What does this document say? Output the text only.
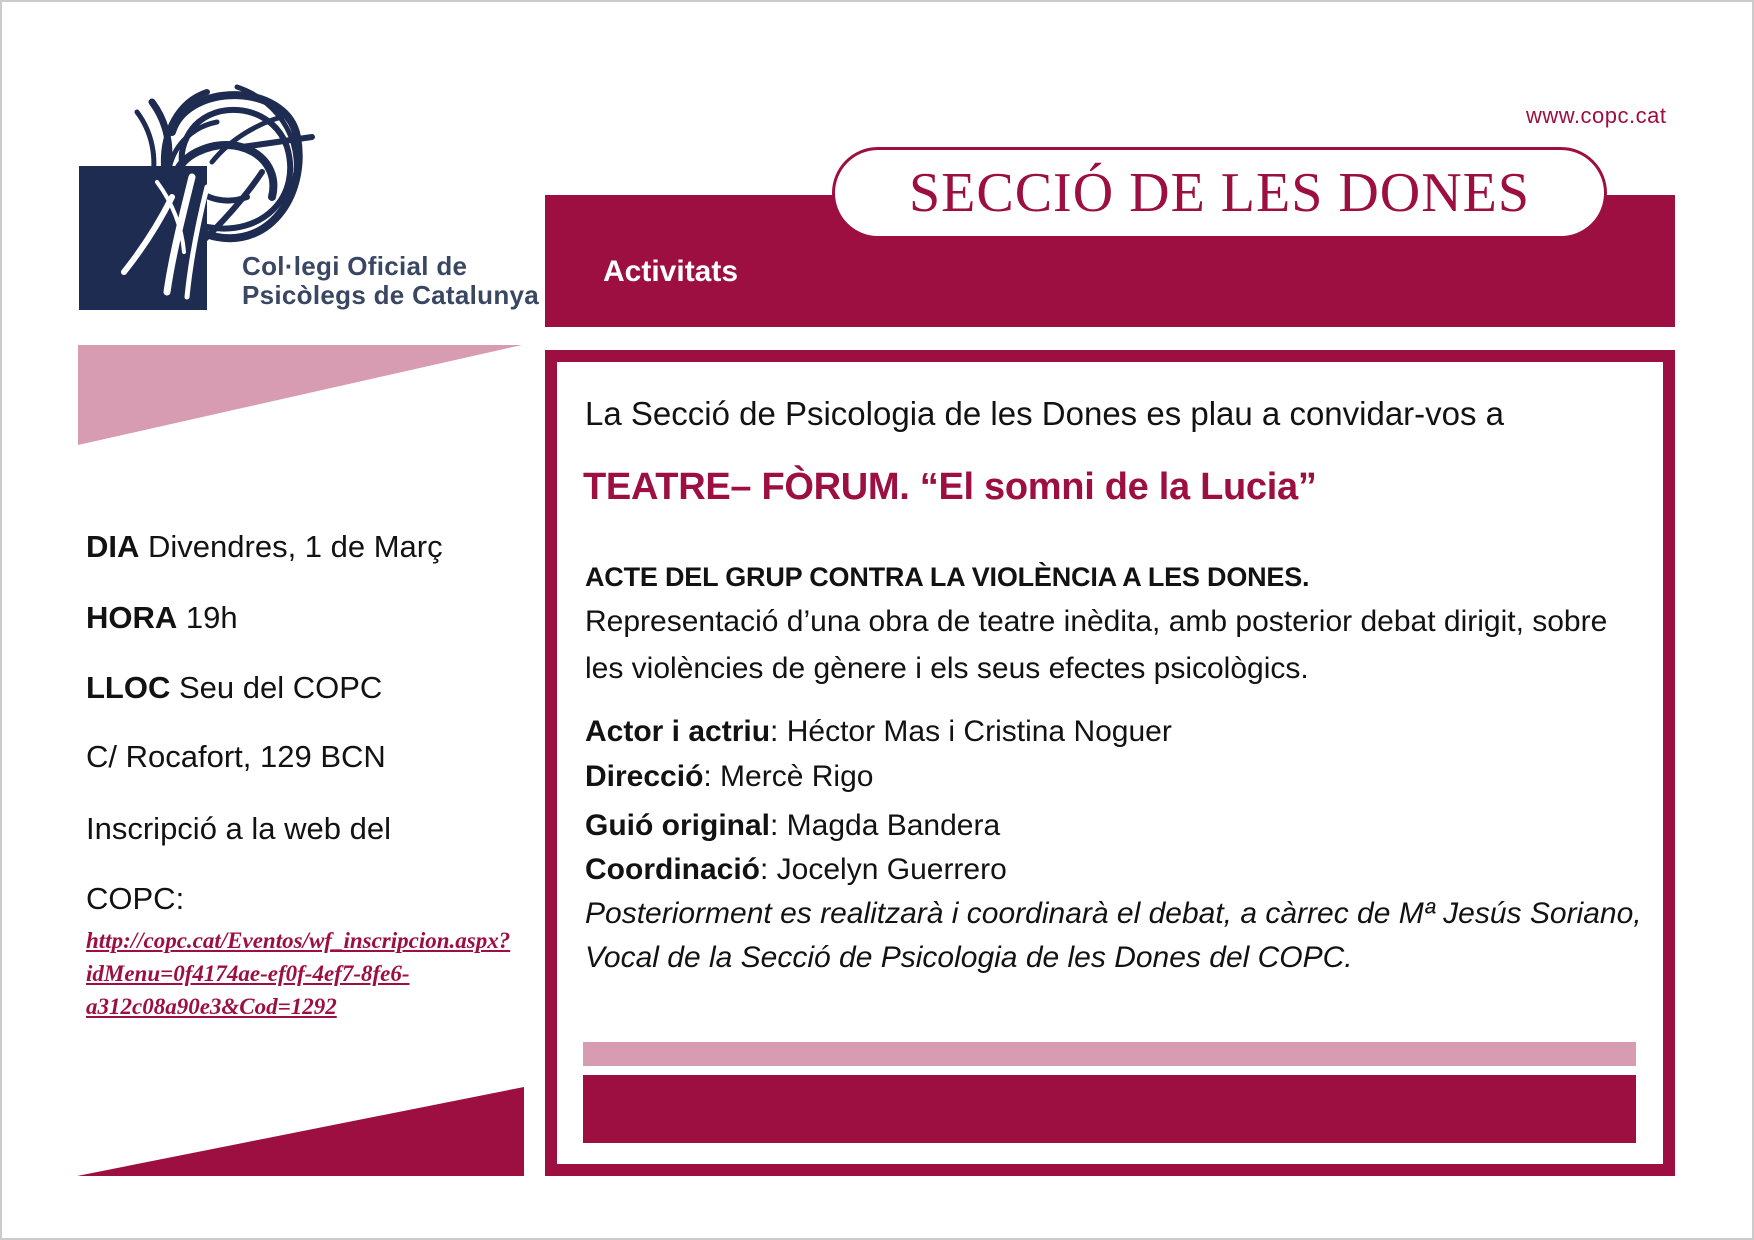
www.copc.cat
Activitats
SECCIÓ DE LES DONES
Col·legi Oficial de
Psicòlegs de Catalunya
DIA Divendres, 1 de Març
HORA 19h
LLOC Seu del COPC
C/ Rocafort, 129 BCN
Inscripció a la web del
COPC:
http://copc.cat/Eventos/wf_inscripcion.aspx?
idMenu=0f4174ae-ef0f-4ef7-8fe6-
a312c08a90e3&Cod=1292
La Secció de Psicologia de les Dones es plau a convidar-vos a
TEATRE– FÒRUM. “El somni de la Lucia”
ACTE DEL GRUP CONTRA LA VIOLÈNCIA A LES DONES.
Representació d’una obra de teatre inèdita, amb posterior debat dirigit, sobre
les violències de gènere i els seus efectes psicològics.
Actor i actriu: Héctor Mas i Cristina Noguer
Direcció: Mercè Rigo
Guió original: Magda Bandera
Coordinació: Jocelyn Guerrero
Posteriorment es realitzarà i coordinarà el debat, a càrrec de Mª Jesús Soriano,
Vocal de la Secció de Psicologia de les Dones del COPC.
